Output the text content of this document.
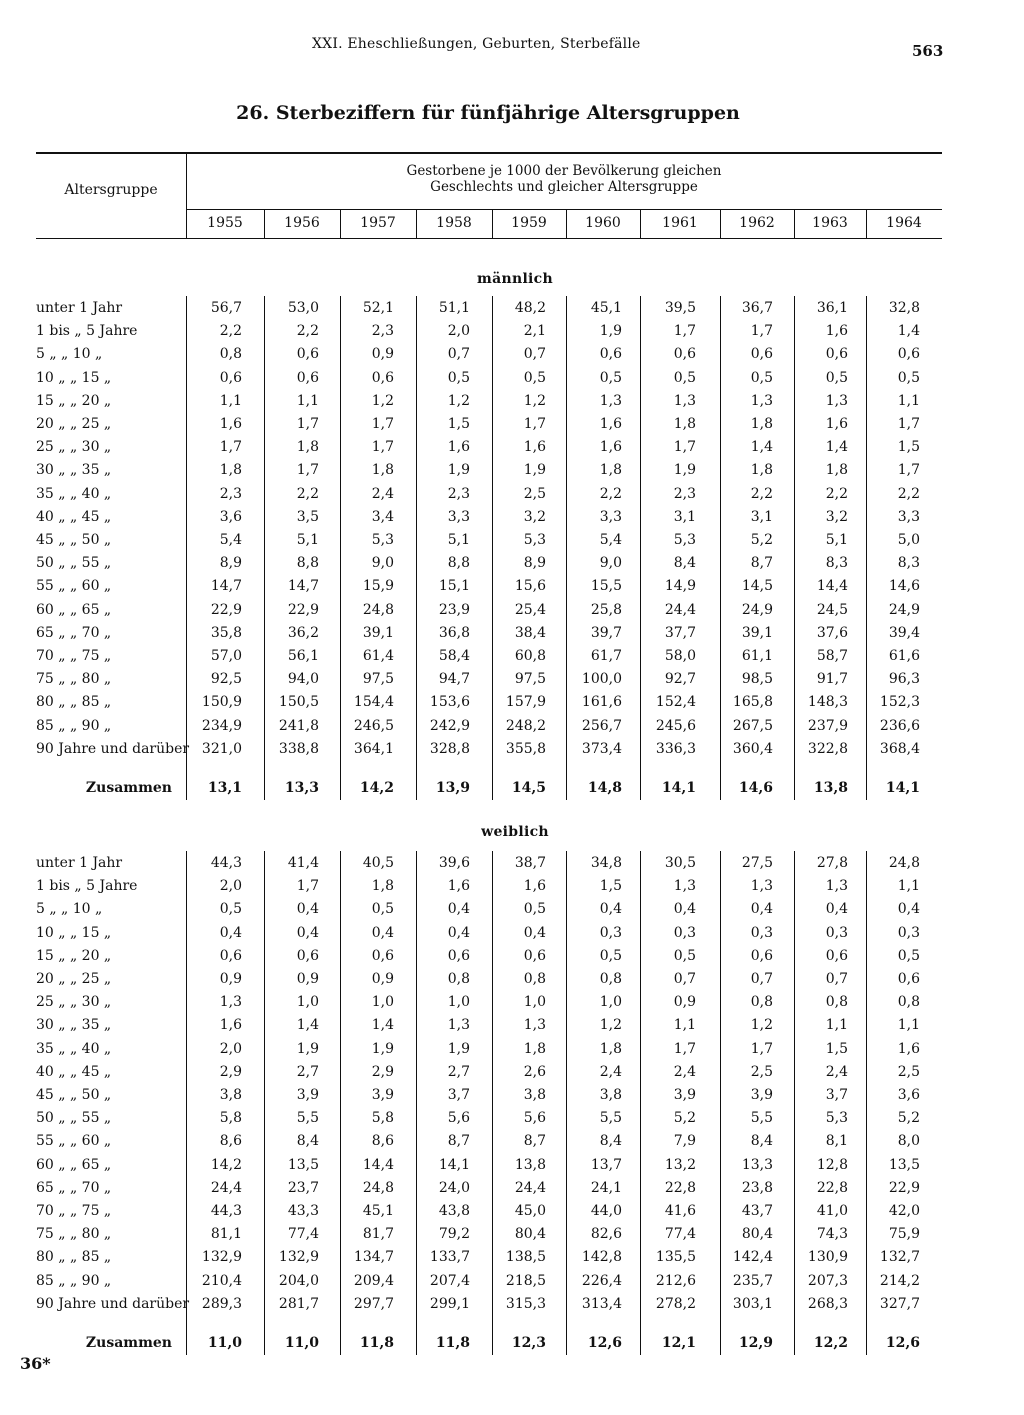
XXI. Eheschließungen, Geburten, Sterbefälle	563
26. Sterbeziffern für fünfjährige Altersgruppen
Altersgruppe
Gestorbene je 1000 der Bevölkerung gleichen
Geschlechts und gleicher Altersgruppe
1955	1956	1957	1958	1959	1960	1961	1962	1963	1964
männlich
unter 1 Jahr	56,7	53,0	52,1	51,1	48,2	45,1	39,5	36,7	36,1	32,8
1 bis „ 5 Jahre	2,2	2,2	2,3	2,0	2,1	1,9	1,7	1,7	1,6	1,4
5 „ „ 10 „	0,8	0,6	0,9	0,7	0,7	0,6	0,6	0,6	0,6	0,6
10 „ „ 15 „	0,6	0,6	0,6	0,5	0,5	0,5	0,5	0,5	0,5	0,5
15 „ „ 20 „	1,1	1,1	1,2	1,2	1,2	1,3	1,3	1,3	1,3	1,1
20 „ „ 25 „	1,6	1,7	1,7	1,5	1,7	1,6	1,8	1,8	1,6	1,7
25 „ „ 30 „	1,7	1,8	1,7	1,6	1,6	1,6	1,7	1,4	1,4	1,5
30 „ „ 35 „	1,8	1,7	1,8	1,9	1,9	1,8	1,9	1,8	1,8	1,7
35 „ „ 40 „	2,3	2,2	2,4	2,3	2,5	2,2	2,3	2,2	2,2	2,2
40 „ „ 45 „	3,6	3,5	3,4	3,3	3,2	3,3	3,1	3,1	3,2	3,3
45 „ „ 50 „	5,4	5,1	5,3	5,1	5,3	5,4	5,3	5,2	5,1	5,0
50 „ „ 55 „	8,9	8,8	9,0	8,8	8,9	9,0	8,4	8,7	8,3	8,3
55 „ „ 60 „	14,7	14,7	15,9	15,1	15,6	15,5	14,9	14,5	14,4	14,6
60 „ „ 65 „	22,9	22,9	24,8	23,9	25,4	25,8	24,4	24,9	24,5	24,9
65 „ „ 70 „	35,8	36,2	39,1	36,8	38,4	39,7	37,7	39,1	37,6	39,4
70 „ „ 75 „	57,0	56,1	61,4	58,4	60,8	61,7	58,0	61,1	58,7	61,6
75 „ „ 80 „	92,5	94,0	97,5	94,7	97,5	100,0	92,7	98,5	91,7	96,3
80 „ „ 85 „	150,9	150,5	154,4	153,6	157,9	161,6	152,4	165,8	148,3	152,3
85 „ „ 90 „	234,9	241,8	246,5	242,9	248,2	256,7	245,6	267,5	237,9	236,6
90 Jahre und darüber 321,0	338,8	364,1	328,8	355,8	373,4	336,3	360,4	322,8	368,4
Zusammen	13,1	13,3	14,2	13,9	14,5	14,8	14,1	14,6	13,8	14,1
weiblich
unter 1 Jahr	44,3	41,4	40,5	39,6	38,7	34,8	30,5	27,5	27,8	24,8
1 bis „ 5 Jahre	2,0	1,7	1,8	1,6	1,6	1,5	1,3	1,3	1,3	1,1
5 „ „ 10 „	0,5	0,4	0,5	0,4	0,5	0,4	0,4	0,4	0,4	0,4
10 „ „ 15 „	0,4	0,4	0,4	0,4	0,4	0,3	0,3	0,3	0,3	0,3
15 „ „ 20 „	0,6	0,6	0,6	0,6	0,6	0,5	0,5	0,6	0,6	0,5
20 „ „ 25 „	0,9	0,9	0,9	0,8	0,8	0,8	0,7	0,7	0,7	0,6
25 „ „ 30 „	1,3	1,0	1,0	1,0	1,0	1,0	0,9	0,8	0,8	0,8
30 „ „ 35 „	1,6	1,4	1,4	1,3	1,3	1,2	1,1	1,2	1,1	1,1
35 „ „ 40 „	2,0	1,9	1,9	1,9	1,8	1,8	1,7	1,7	1,5	1,6
40 „ „ 45 „	2,9	2,7	2,9	2,7	2,6	2,4	2,4	2,5	2,4	2,5
45 „ „ 50 „	3,8	3,9	3,9	3,7	3,8	3,8	3,9	3,9	3,7	3,6
50 „ „ 55 „	5,8	5,5	5,8	5,6	5,6	5,5	5,2	5,5	5,3	5,2
55 „ „ 60 „	8,6	8,4	8,6	8,7	8,7	8,4	7,9	8,4	8,1	8,0
60 „ „ 65 „	14,2	13,5	14,4	14,1	13,8	13,7	13,2	13,3	12,8	13,5
65 „ „ 70 „	24,4	23,7	24,8	24,0	24,4	24,1	22,8	23,8	22,8	22,9
70 „ „ 75 „	44,3	43,3	45,1	43,8	45,0	44,0	41,6	43,7	41,0	42,0
75 „ „ 80 „	81,1	77,4	81,7	79,2	80,4	82,6	77,4	80,4	74,3	75,9
80 „ „ 85 „	132,9	132,9	134,7	133,7	138,5	142,8	135,5	142,4	130,9	132,7
85 „ „ 90 „	210,4	204,0	209,4	207,4	218,5	226,4	212,6	235,7	207,3	214,2
90 Jahre und darüber 289,3	281,7	297,7	299,1	315,3	313,4	278,2	303,1	268,3	327,7
Zusammen	11,0	11,0	11,8	11,8	12,3	12,6	12,1	12,9	12,2	12,6
36*
